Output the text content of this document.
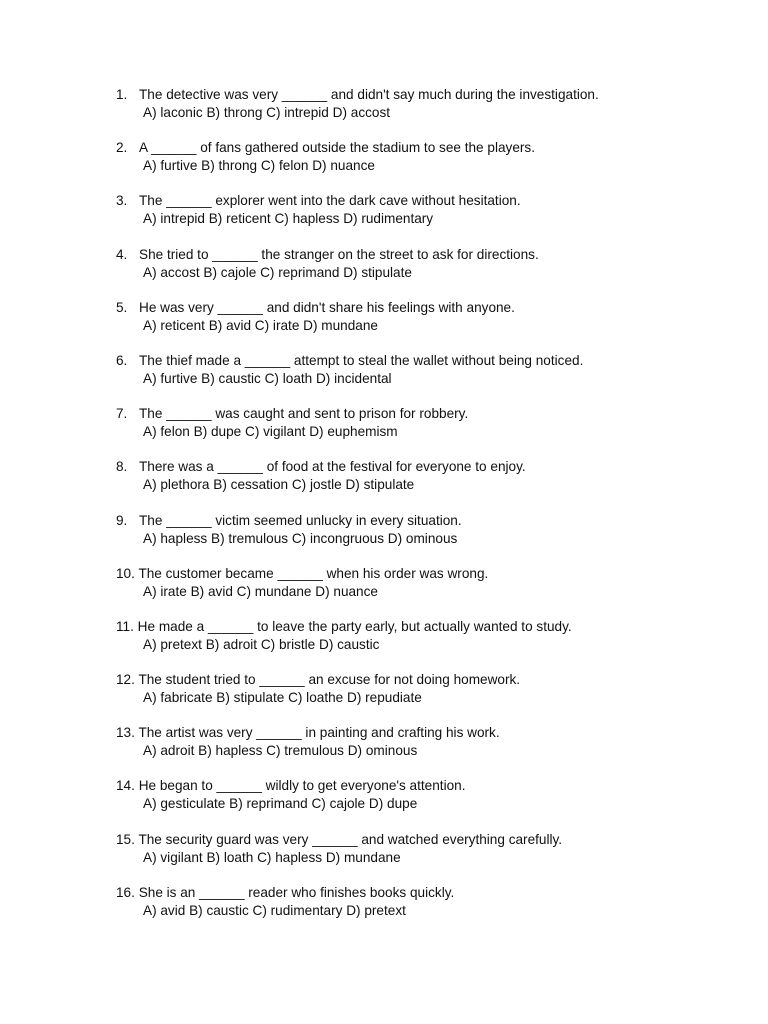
1. The detective was very ______ and didn't say much during the investigation.
A) laconic B) throng C) intrepid D) accost
2. A ______ of fans gathered outside the stadium to see the players.
A) furtive B) throng C) felon D) nuance
3. The ______ explorer went into the dark cave without hesitation.
A) intrepid B) reticent C) hapless D) rudimentary
4. She tried to ______ the stranger on the street to ask for directions.
A) accost B) cajole C) reprimand D) stipulate
5. He was very ______ and didn't share his feelings with anyone.
A) reticent B) avid C) irate D) mundane
6. The thief made a ______ attempt to steal the wallet without being noticed.
A) furtive B) caustic C) loath D) incidental
7. The ______ was caught and sent to prison for robbery.
A) felon B) dupe C) vigilant D) euphemism
8. There was a ______ of food at the festival for everyone to enjoy.
A) plethora B) cessation C) jostle D) stipulate
9. The ______ victim seemed unlucky in every situation.
A) hapless B) tremulous C) incongruous D) ominous
10. The customer became ______ when his order was wrong.
A) irate B) avid C) mundane D) nuance
11. He made a ______ to leave the party early, but actually wanted to study.
A) pretext B) adroit C) bristle D) caustic
12. The student tried to ______ an excuse for not doing homework.
A) fabricate B) stipulate C) loathe D) repudiate
13. The artist was very ______ in painting and crafting his work.
A) adroit B) hapless C) tremulous D) ominous
14. He began to ______ wildly to get everyone's attention.
A) gesticulate B) reprimand C) cajole D) dupe
15. The security guard was very ______ and watched everything carefully.
A) vigilant B) loath C) hapless D) mundane
16. She is an ______ reader who finishes books quickly.
A) avid B) caustic C) rudimentary D) pretext
